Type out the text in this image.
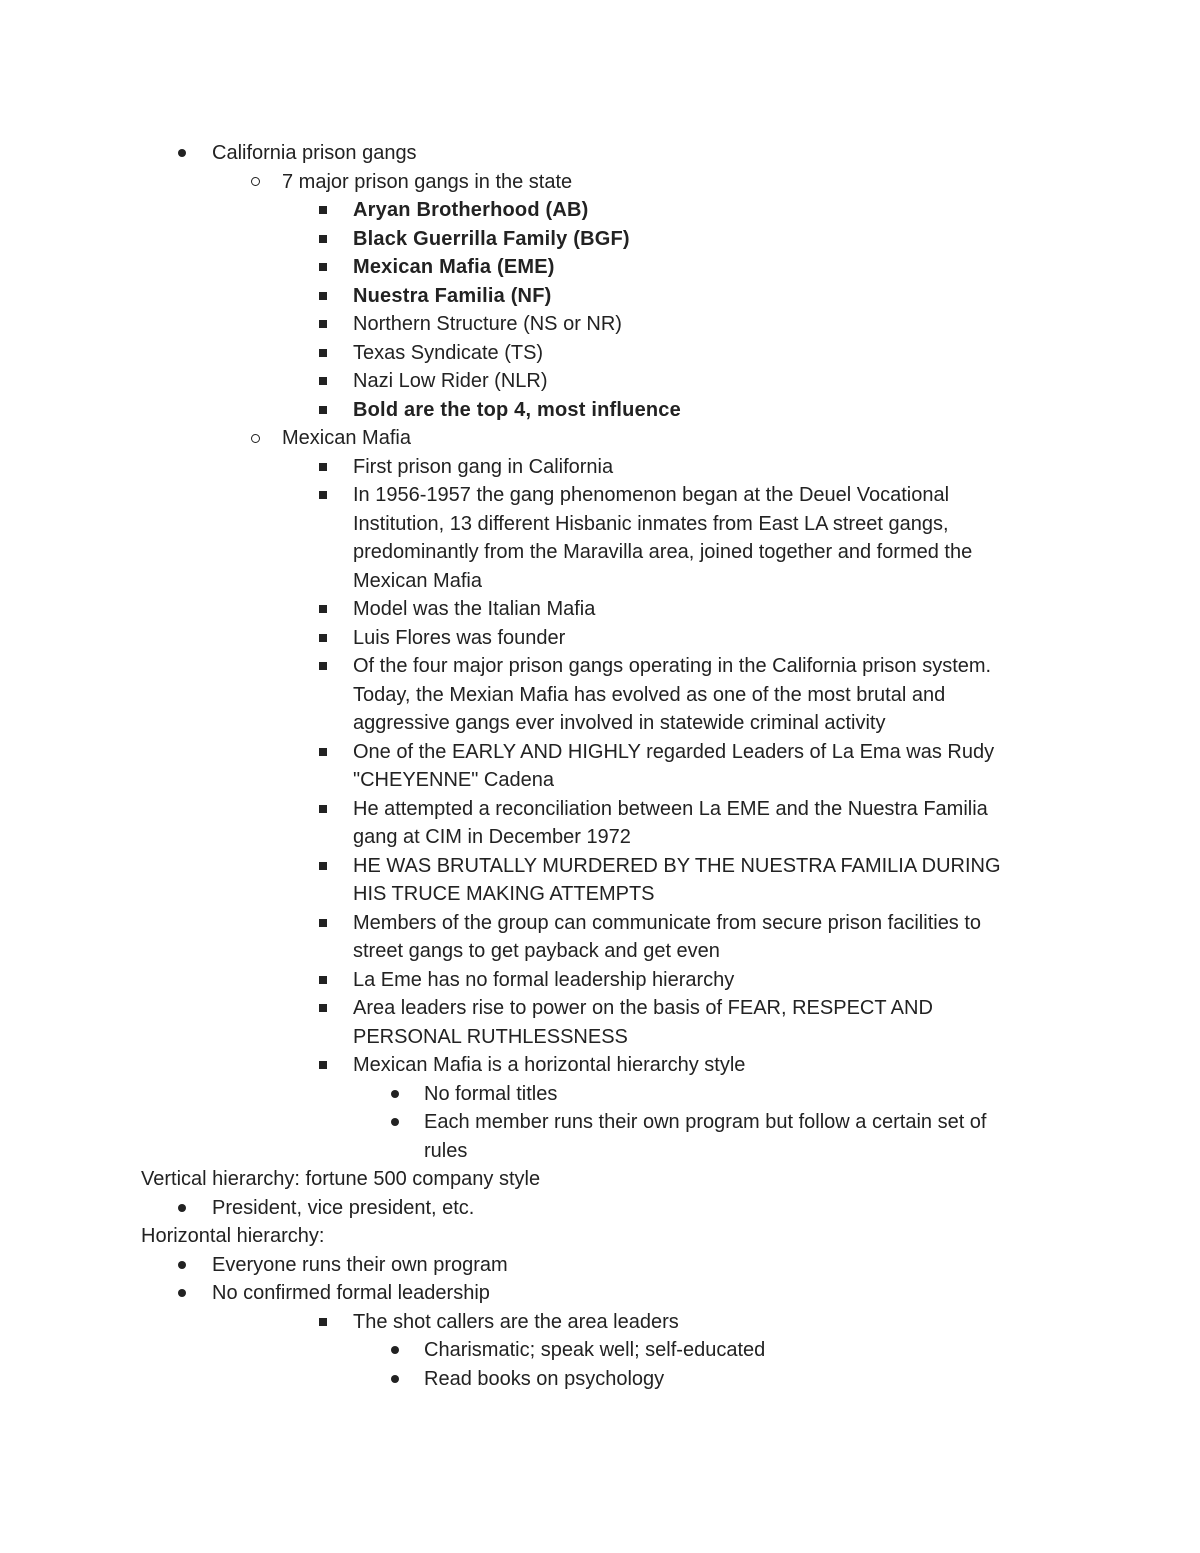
California prison gangs
7 major prison gangs in the state
Aryan Brotherhood (AB)
Black Guerrilla Family (BGF)
Mexican Mafia (EME)
Nuestra Familia (NF)
Northern Structure (NS or NR)
Texas Syndicate (TS)
Nazi Low Rider (NLR)
Bold are the top 4, most influence
Mexican Mafia
First prison gang in California
In 1956-1957 the gang phenomenon began at the Deuel Vocational
Institution, 13 different Hisbanic inmates from East LA street gangs,
predominantly from the Maravilla area, joined together and formed the
Mexican Mafia
Model was the Italian Mafia
Luis Flores was founder
Of the four major prison gangs operating in the California prison system.
Today, the Mexian Mafia has evolved as one of the most brutal and
aggressive gangs ever involved in statewide criminal activity
One of the EARLY AND HIGHLY regarded Leaders of La Ema was Rudy
"CHEYENNE" Cadena
He attempted a reconciliation between La EME and the Nuestra Familia
gang at CIM in December 1972
HE WAS BRUTALLY MURDERED BY THE NUESTRA FAMILIA DURING
HIS TRUCE MAKING ATTEMPTS
Members of the group can communicate from secure prison facilities to
street gangs to get payback and get even
La Eme has no formal leadership hierarchy
Area leaders rise to power on the basis of FEAR, RESPECT AND
PERSONAL RUTHLESSNESS
Mexican Mafia is a horizontal hierarchy style
No formal titles
Each member runs their own program but follow a certain set of
rules
Vertical hierarchy: fortune 500 company style
President, vice president, etc.
Horizontal hierarchy:
Everyone runs their own program
No confirmed formal leadership
The shot callers are the area leaders
Charismatic; speak well; self-educated
Read books on psychology
